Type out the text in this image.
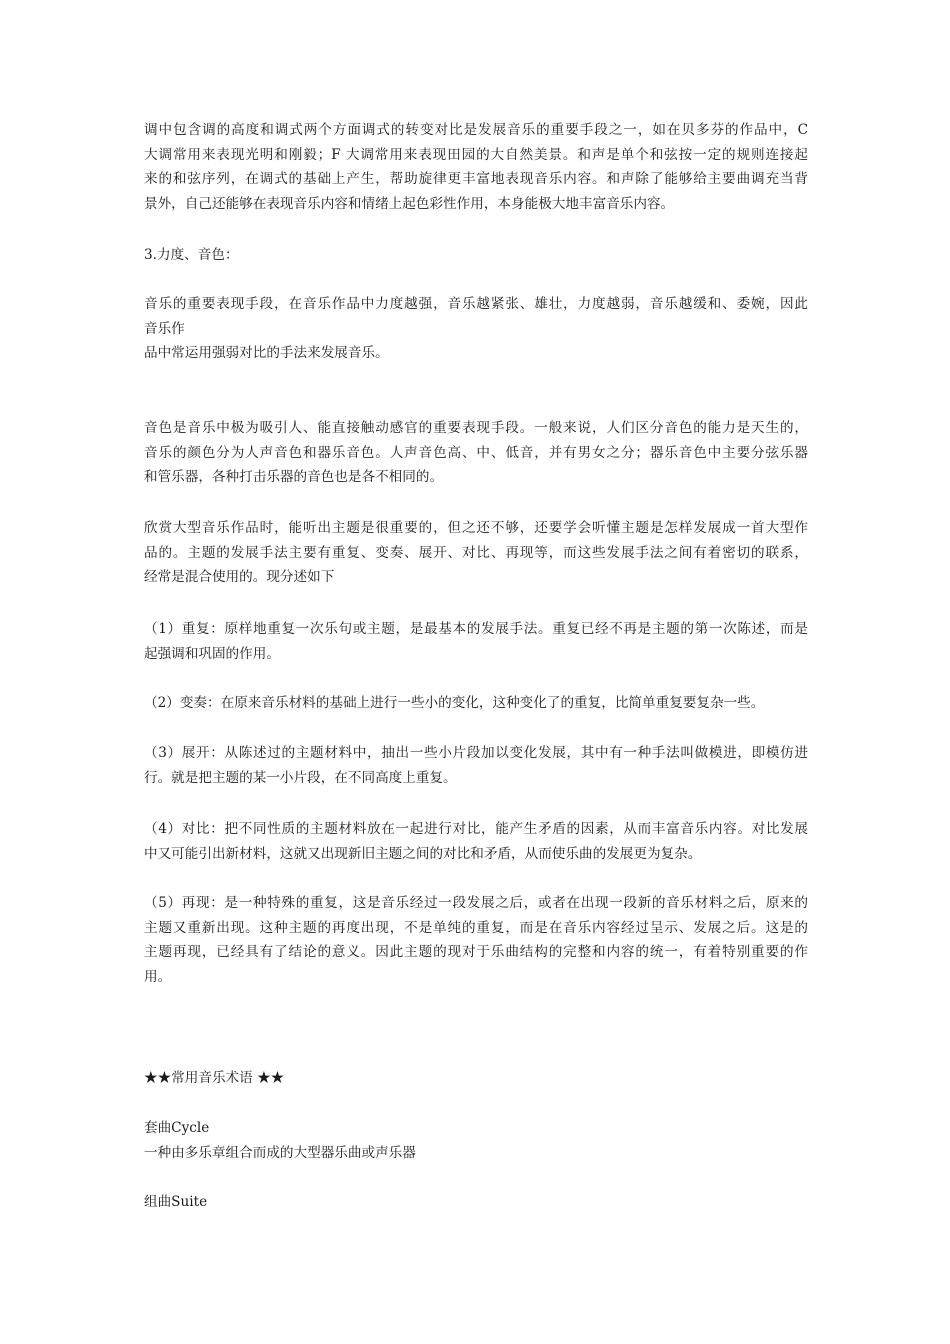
调中包含调的高度和调式两个方面调式的转变对比是发展音乐的重要手段之一，如在贝多芬的作品中，C
大调常用来表现光明和刚毅；F 大调常用来表现田园的大自然美景。和声是单个和弦按一定的规则连接起
来的和弦序列，在调式的基础上产生，帮助旋律更丰富地表现音乐内容。和声除了能够给主要曲调充当背
景外，自己还能够在表现音乐内容和情绪上起色彩性作用，本身能极大地丰富音乐内容。
3.力度、音色：
音乐的重要表现手段，在音乐作品中力度越强，音乐越紧张、雄壮，力度越弱，音乐越缓和、委婉，因此
音乐作
品中常运用强弱对比的手法来发展音乐。
音色是音乐中极为吸引人、能直接触动感官的重要表现手段。一般来说，人们区分音色的能力是天生的，
音乐的颜色分为人声音色和器乐音色。人声音色高、中、低音，并有男女之分；器乐音色中主要分弦乐器
和管乐器，各种打击乐器的音色也是各不相同的。
欣赏大型音乐作品时，能听出主题是很重要的，但之还不够，还要学会听懂主题是怎样发展成一首大型作
品的。主题的发展手法主要有重复、变奏、展开、对比、再现等，而这些发展手法之间有着密切的联系，
经常是混合使用的。现分述如下
（1）重复：原样地重复一次乐句或主题，是最基本的发展手法。重复已经不再是主题的第一次陈述，而是
起强调和巩固的作用。
（2）变奏：在原来音乐材料的基础上进行一些小的变化，这种变化了的重复，比简单重复要复杂一些。
（3）展开：从陈述过的主题材料中，抽出一些小片段加以变化发展，其中有一种手法叫做模进，即模仿进
行。就是把主题的某一小片段，在不同高度上重复。
（4）对比：把不同性质的主题材料放在一起进行对比，能产生矛盾的因素，从而丰富音乐内容。对比发展
中又可能引出新材料，这就又出现新旧主题之间的对比和矛盾，从而使乐曲的发展更为复杂。
（5）再现：是一种特殊的重复，这是音乐经过一段发展之后，或者在出现一段新的音乐材料之后，原来的
主题又重新出现。这种主题的再度出现，不是单纯的重复，而是在音乐内容经过呈示、发展之后。这是的
主题再现，已经具有了结论的意义。因此主题的现对于乐曲结构的完整和内容的统一，有着特别重要的作
用。
★★常用音乐术语 ★★
套曲Cycle
一种由多乐章组合而成的大型器乐曲或声乐器
组曲Suite
